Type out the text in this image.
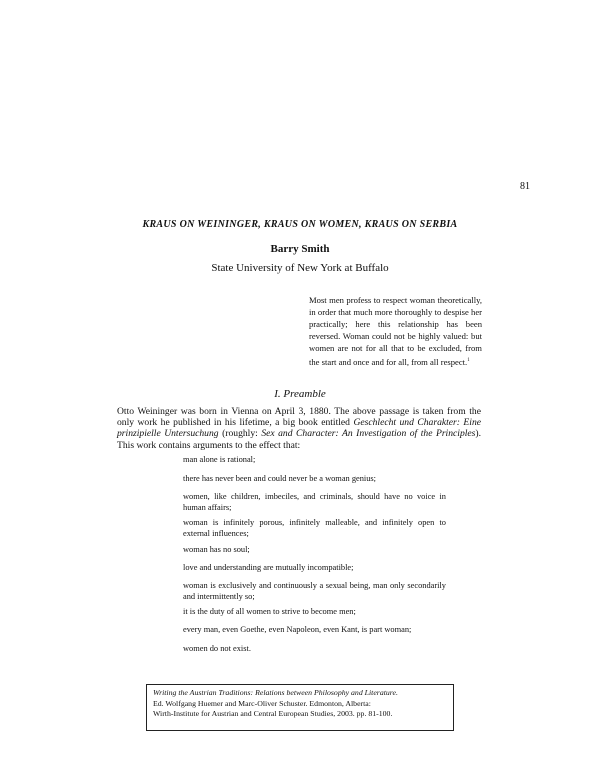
81
KRAUS ON WEININGER, KRAUS ON WOMEN, KRAUS ON SERBIA
Barry Smith
State University of New York at Buffalo
Most men profess to respect woman theoretically, in order that much more thoroughly to despise her practically; here this relationship has been reversed. Woman could not be highly valued: but women are not for all that to be excluded, from the start and once and for all, from all respect.$^1$
I. Preamble
Otto Weininger was born in Vienna on April 3, 1880. The above passage is taken from the only work he published in his lifetime, a big book entitled Geschlecht und Charakter: Eine prinzipielle Untersuchung (roughly: Sex and Character: An Investigation of the Principles). This work contains arguments to the effect that:
man alone is rational;
there has never been and could never be a woman genius;
women, like children, imbeciles, and criminals, should have no voice in human affairs;
woman is infinitely porous, infinitely malleable, and infinitely open to external influences;
woman has no soul;
love and understanding are mutually incompatible;
woman is exclusively and continuously a sexual being, man only secondarily and intermittently so;
it is the duty of all women to strive to become men;
every man, even Goethe, even Napoleon, even Kant, is part woman;
women do not exist.
Writing the Austrian Traditions: Relations between Philosophy and Literature.
Ed. Wolfgang Huemer and Marc-Oliver Schuster. Edmonton, Alberta:
Wirth-Institute for Austrian and Central European Studies, 2003. pp. 81-100.
